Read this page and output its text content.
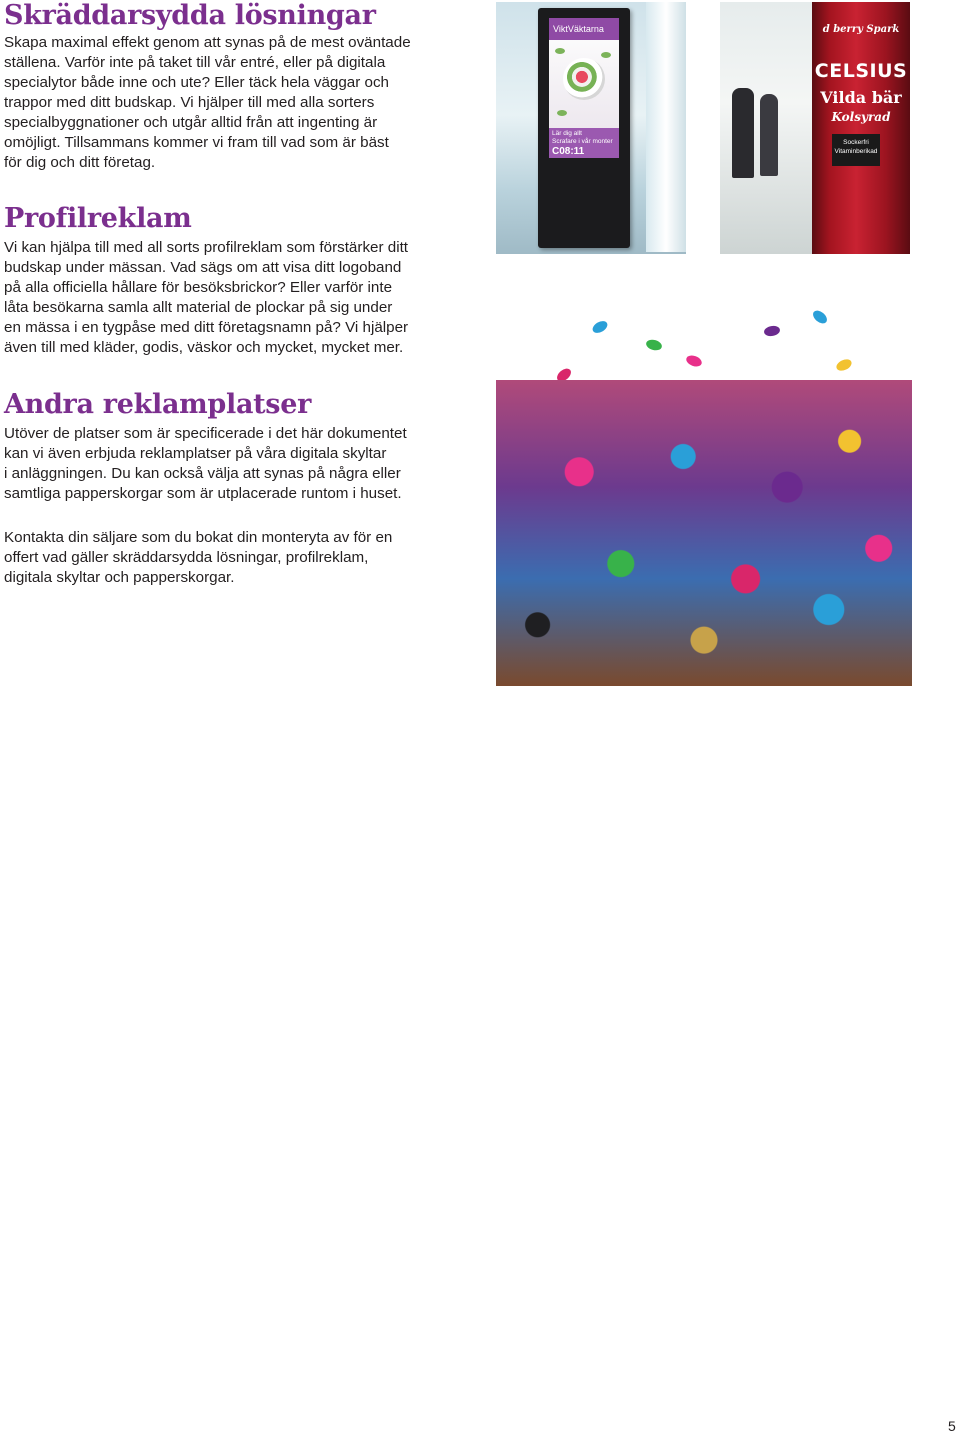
Skräddarsydda lösningar

Skapa maximal effekt genom att synas på de mest oväntade

ställena. Varför inte på taket till vår entré, eller på digitala

specialytor både inne och ute? Eller täck hela väggar och

trappor med ditt budskap. Vi hjälper till med alla sorters

specialbyggnationer och utgår alltid från att ingenting är

omöjligt. Tillsammans kommer vi fram till vad som är bäst

för dig och ditt företag.

Profilreklam

Vi kan hjälpa till med all sorts profilreklam som förstärker ditt

budskap under mässan. Vad sägs om att visa ditt logoband

på alla officiella hållare för besöksbrickor? Eller varför inte

låta besökarna samla allt material de plockar på sig under

en mässa i en tygpåse med ditt företagsnamn på? Vi hjälper

även till med kläder, godis, väskor och mycket, mycket mer.

Andra reklamplatser

Utöver de platser som är specificerade i det här dokumentet

kan vi även erbjuda reklamplatser på våra digitala skyltar

i anläggningen. Du kan också välja att synas på några eller

samtliga papperskorgar som är utplacerade runtom i huset.

Kontakta din säljare som du bokat din monteryta av för en

offert vad gäller skräddarsydda lösningar, profilreklam,

digitala skyltar och papperskorgar.

ViktVäktarna
Lär dig allt
Scrafare i vår monter
C08:11
d berry Spark
CELSIUS
Vilda bär
Kolsyrad
Sockerfri
Vitaminberikad
5
